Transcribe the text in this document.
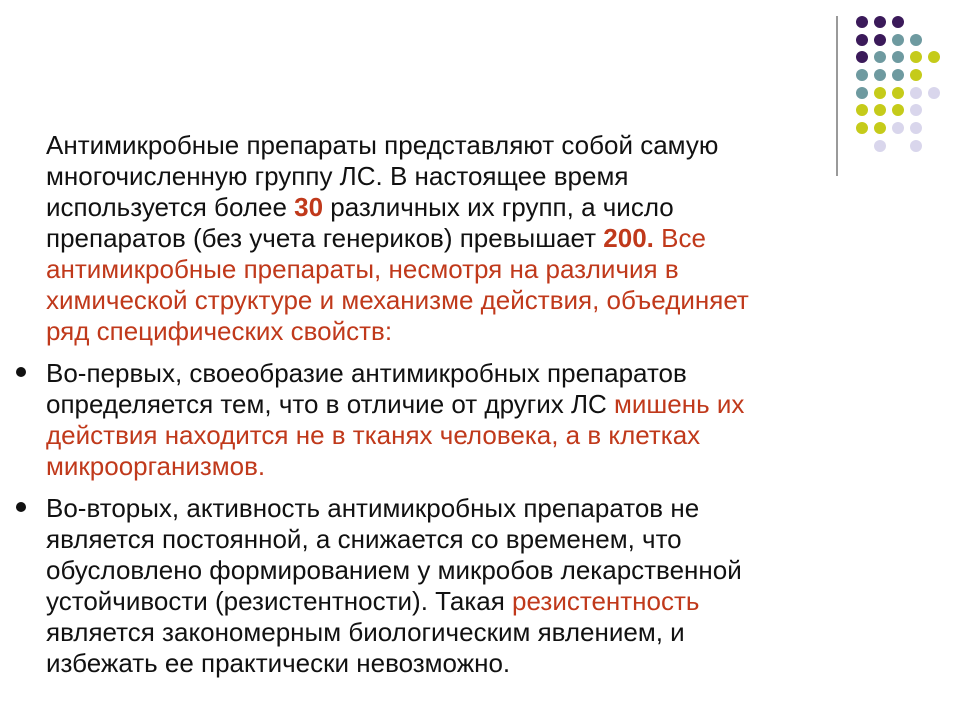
Антимикробные препараты представляют собой самую
многочисленную группу ЛС. В настоящее время
используется более 30 различных их групп, а число
препаратов (без учета генериков) превышает 200. Все
антимикробные препараты, несмотря на различия в
химической структуре и механизме действия, объединяет
ряд специфических свойств:
Во-первых, своеобразие антимикробных препаратов
определяется тем, что в отличие от других ЛС мишень их
действия находится не в тканях человека, а в клетках
микроорганизмов.
Во-вторых, активность антимикробных препаратов не
является постоянной, а снижается со временем, что
обусловлено формированием у микробов лекарственной
устойчивости (резистентности). Такая резистентность
является закономерным биологическим явлением, и
избежать ее практически невозможно.
